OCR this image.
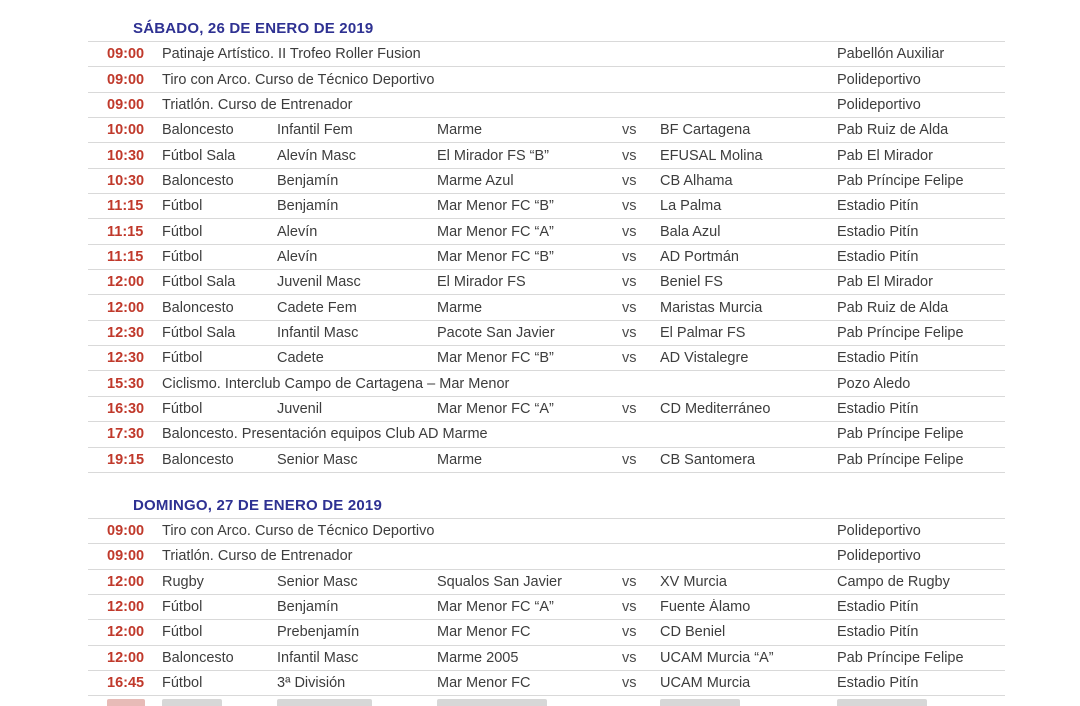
SÁBADO, 26 DE ENERO DE 2019
09:00	Patinaje Artístico. II Trofeo Roller Fusion	Pabellón Auxiliar
09:00	Tiro con Arco. Curso de Técnico Deportivo	Polideportivo
09:00	Triatlón. Curso de Entrenador	Polideportivo
10:00	Baloncesto	Infantil Fem	Marme	vs	BF Cartagena	Pab Ruiz de Alda
10:30	Fútbol Sala	Alevín Masc	El Mirador FS “B”	vs	EFUSAL Molina	Pab El Mirador
10:30	Baloncesto	Benjamín	Marme Azul	vs	CB Alhama	Pab Príncipe Felipe
11:15	Fútbol	Benjamín	Mar Menor FC “B”	vs	La Palma	Estadio Pitín
11:15	Fútbol	Alevín	Mar Menor FC “A”	vs	Bala Azul	Estadio Pitín
11:15	Fútbol	Alevín	Mar Menor FC “B”	vs	AD Portmán	Estadio Pitín
12:00	Fútbol Sala	Juvenil Masc	El Mirador FS	vs	Beniel FS	Pab El Mirador
12:00	Baloncesto	Cadete Fem	Marme	vs	Maristas Murcia	Pab Ruiz de Alda
12:30	Fútbol Sala	Infantil Masc	Pacote San Javier	vs	El Palmar FS	Pab Príncipe Felipe
12:30	Fútbol	Cadete	Mar Menor FC “B”	vs	AD Vistalegre	Estadio Pitín
15:30	Ciclismo. Interclub Campo de Cartagena – Mar Menor	Pozo Aledo
16:30	Fútbol	Juvenil	Mar Menor FC “A”	vs	CD Mediterráneo	Estadio Pitín
17:30	Baloncesto. Presentación equipos Club AD Marme	Pab Príncipe Felipe
19:15	Baloncesto	Senior Masc	Marme	vs	CB Santomera	Pab Príncipe Felipe
DOMINGO, 27 DE ENERO DE 2019
09:00	Tiro con Arco. Curso de Técnico Deportivo	Polideportivo
09:00	Triatlón. Curso de Entrenador	Polideportivo
12:00	Rugby	Senior Masc	Squalos San Javier	vs	XV Murcia	Campo de Rugby
12:00	Fútbol	Benjamín	Mar Menor FC “A”	vs	Fuente Álamo	Estadio Pitín
12:00	Fútbol	Prebenjamín	Mar Menor FC	vs	CD Beniel	Estadio Pitín
12:00	Baloncesto	Infantil Masc	Marme 2005	vs	UCAM Murcia “A”	Pab Príncipe Felipe
16:45	Fútbol	3ª División	Mar Menor FC	vs	UCAM Murcia	Estadio Pitín
